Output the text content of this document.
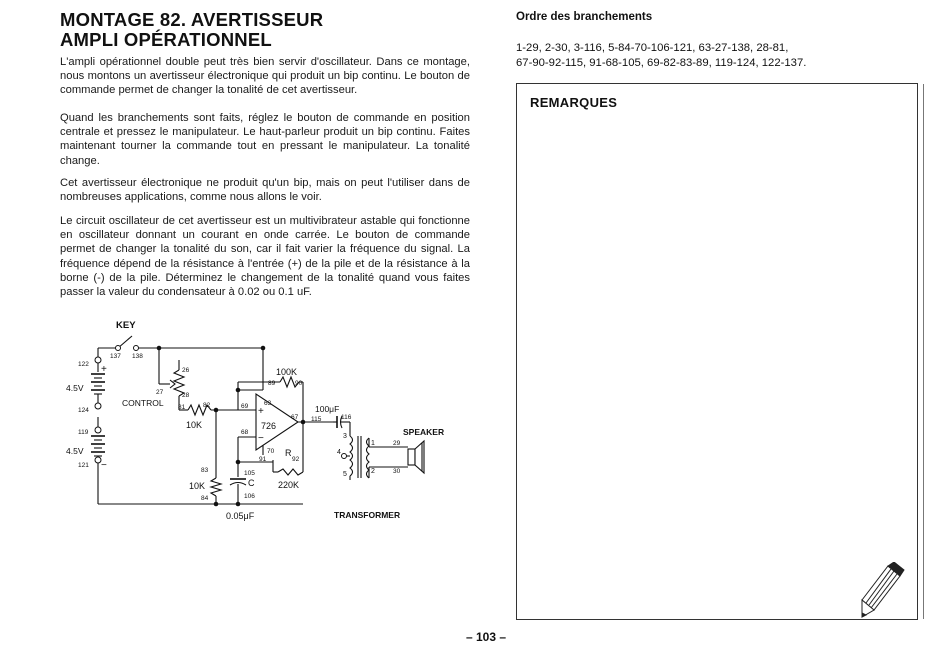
MONTAGE 82. AVERTISSEUR
AMPLI OPÉRATIONNEL

L'ampli opérationnel double peut très bien servir d'oscillateur. Dans ce montage, nous montons un avertisseur électronique qui produit un bip continu. Le bouton de commande permet de changer la tonalité de cet avertisseur.

Quand les branchements sont faits, réglez le bouton de commande en position centrale et pressez le manipulateur. Le haut-parleur produit un bip continu. Faites maintenant tourner la commande tout en pressant le manipulateur. La tonalité change.

Cet avertisseur électronique ne produit qu'un bip, mais on peut l'utiliser dans de nombreuses applications, comme nous allons le voir.

Le circuit oscillateur de cet avertisseur est un multivibrateur astable qui fonctionne en oscillateur donnant un courant en onde carrée. Le bouton de commande permet de changer la tonalité du son, car il fait varier la fréquence du signal. La fréquence dépend de la résistance à l'entrée (+) de la pile et de la résistance à la borne (-) de la pile. Déterminez le changement de la tonalité quand vous faites passer la valeur du condensateur à 0.02 ou 0.1 uF.

Ordre des branchements
1-29, 2-30, 3-116, 5-84-70-106-121, 63-27-138, 28-81,
67-90-92-115, 91-68-105, 69-82-83-89, 119-124, 122-137.
REMARQUES
– 103 –
KEY
122
137 138
+
4.5V
124
119
4.5V
−
121
26
27	28
CONTROL 81	82
10K
100K
89	90
63
69 +
−
726
68
67
100μF
115	116
70 R
91	92
220K
83
10K
84
105
C
106
0.05μF
3
4
5
1
2
29
30
SPEAKER
TRANSFORMER
